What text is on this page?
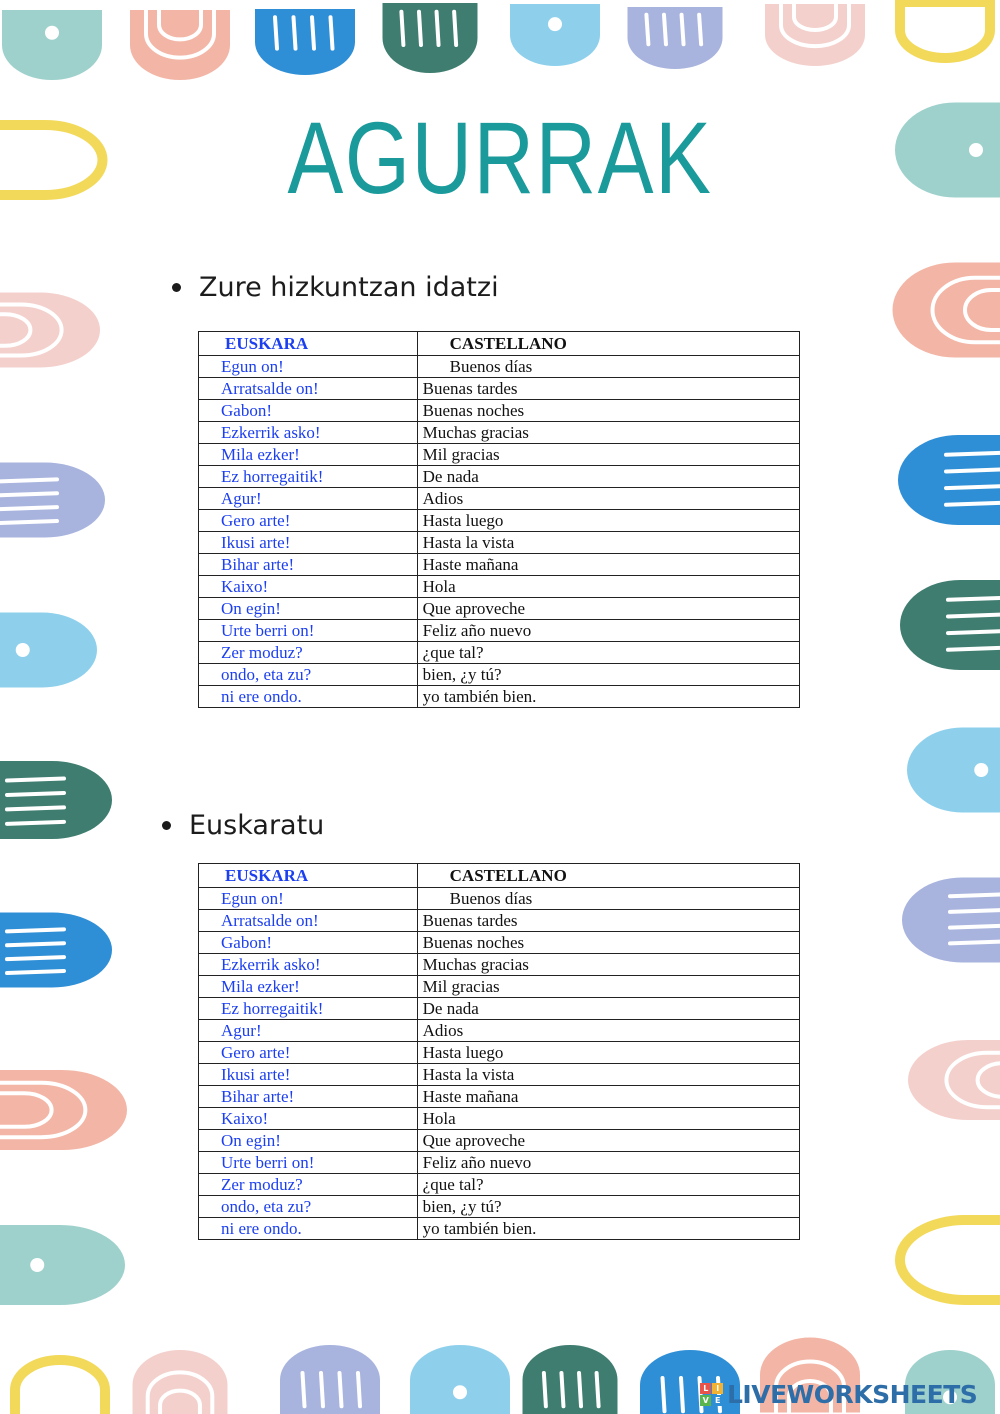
AGURRAK
Zure hizkuntzan idatzi
EUSKARA	CASTELLANO
Egun on!	Buenos días
Arratsalde on!	Buenas tardes
Gabon!	Buenas noches
Ezkerrik asko!	Muchas gracias
Mila ezker!	Mil gracias
Ez horregaitik!	De nada
Agur!	Adios
Gero arte!	Hasta luego
Ikusi arte!	Hasta la vista
Bihar arte!	Haste mañana
Kaixo!	Hola
On egin!	Que aproveche
Urte berri on!	Feliz año nuevo
Zer moduz?	¿que tal?
ondo, eta zu?	bien, ¿y tú?
ni ere ondo.	yo también bien.
Euskaratu
EUSKARA	CASTELLANO
Egun on!	Buenos días
Arratsalde on!	Buenas tardes
Gabon!	Buenas noches
Ezkerrik asko!	Muchas gracias
Mila ezker!	Mil gracias
Ez horregaitik!	De nada
Agur!	Adios
Gero arte!	Hasta luego
Ikusi arte!	Hasta la vista
Bihar arte!	Haste mañana
Kaixo!	Hola
On egin!	Que aproveche
Urte berri on!	Feliz año nuevo
Zer moduz?	¿que tal?
ondo, eta zu?	bien, ¿y tú?
ni ere ondo.	yo también bien.
L	I
V E LIVEWORKSHEETS
